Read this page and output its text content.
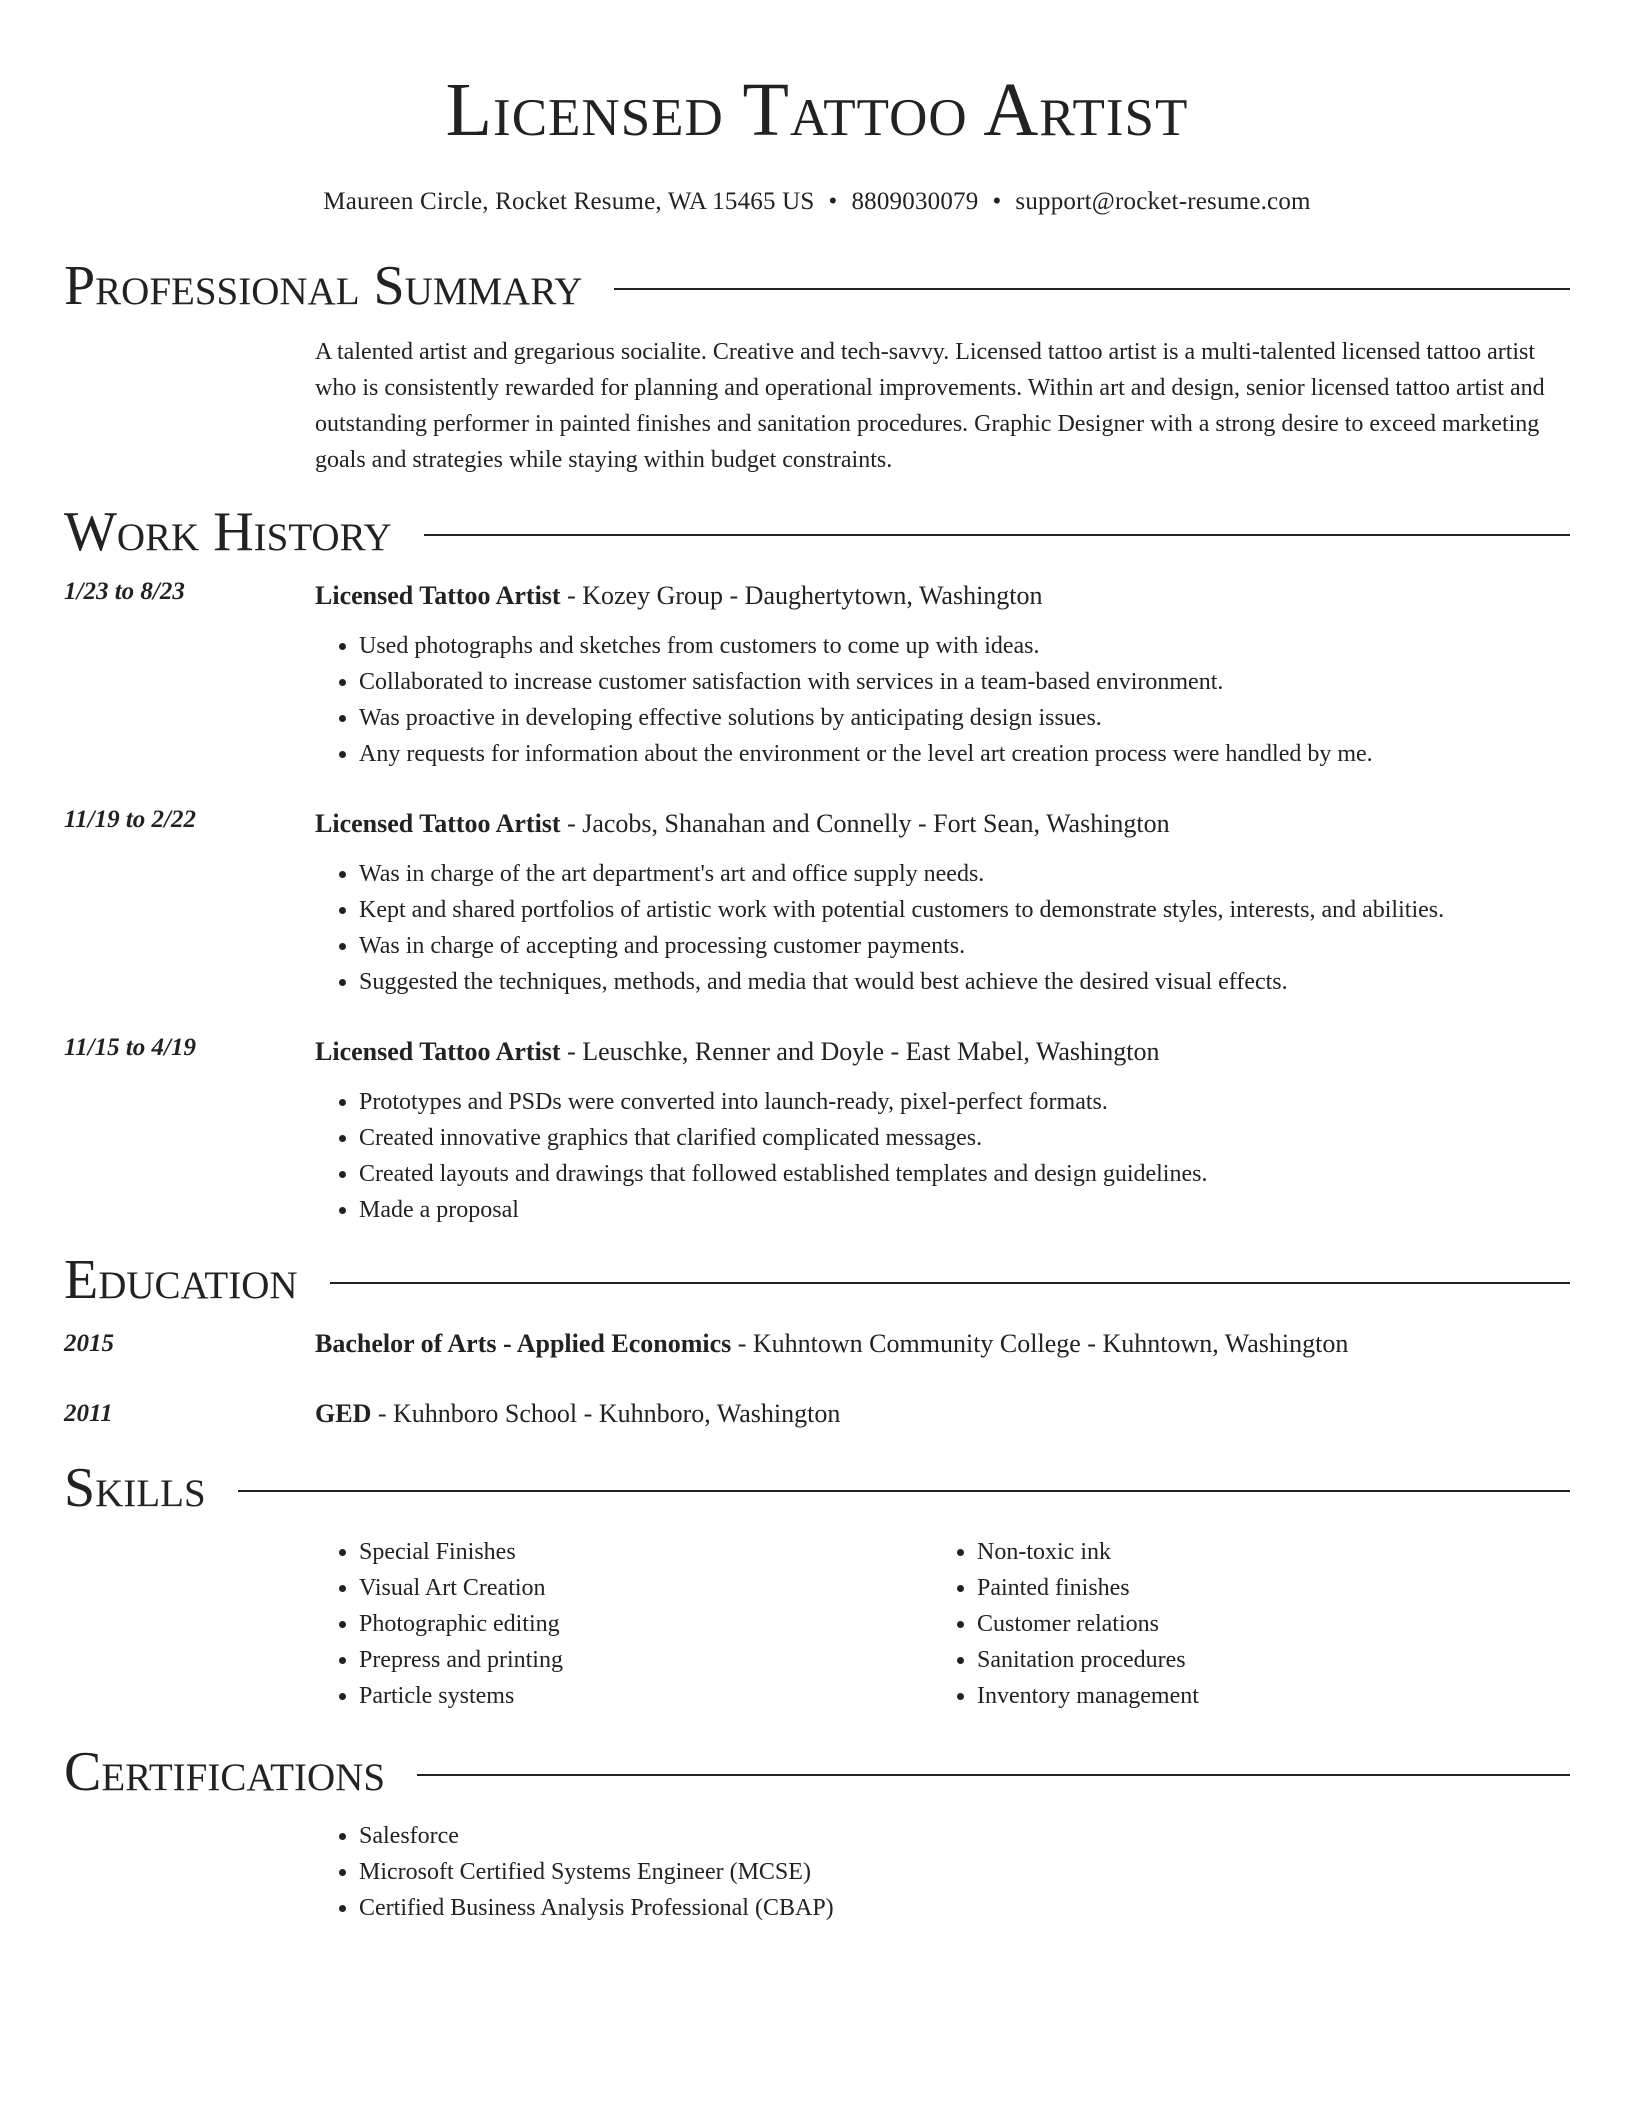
Licensed Tattoo Artist
Maureen Circle, Rocket Resume, WA 15465 US • 8809030079 • support@rocket-resume.com
Professional Summary
A talented artist and gregarious socialite. Creative and tech-savvy. Licensed tattoo artist is a multi-talented licensed tattoo artist who is consistently rewarded for planning and operational improvements. Within art and design, senior licensed tattoo artist and outstanding performer in painted finishes and sanitation procedures. Graphic Designer with a strong desire to exceed marketing goals and strategies while staying within budget constraints.
Work History
1/23 to 8/23	Licensed Tattoo Artist - Kozey Group - Daughertytown, Washington
• Used photographs and sketches from customers to come up with ideas.
• Collaborated to increase customer satisfaction with services in a team-based environment.
• Was proactive in developing effective solutions by anticipating design issues.
• Any requests for information about the environment or the level art creation process were handled by me.
11/19 to 2/22	Licensed Tattoo Artist - Jacobs, Shanahan and Connelly - Fort Sean, Washington
• Was in charge of the art department's art and office supply needs.
• Kept and shared portfolios of artistic work with potential customers to demonstrate styles, interests, and abilities.
• Was in charge of accepting and processing customer payments.
• Suggested the techniques, methods, and media that would best achieve the desired visual effects.
11/15 to 4/19	Licensed Tattoo Artist - Leuschke, Renner and Doyle - East Mabel, Washington
• Prototypes and PSDs were converted into launch-ready, pixel-perfect formats.
• Created innovative graphics that clarified complicated messages.
• Created layouts and drawings that followed established templates and design guidelines.
• Made a proposal
Education
2015	Bachelor of Arts - Applied Economics - Kuhntown Community College - Kuhntown, Washington
2011	GED - Kuhnboro School - Kuhnboro, Washington
Skills
• Special Finishes
• Visual Art Creation
• Photographic editing
• Prepress and printing
• Particle systems
• Non-toxic ink
• Painted finishes
• Customer relations
• Sanitation procedures
• Inventory management
Certifications
• Salesforce
• Microsoft Certified Systems Engineer (MCSE)
• Certified Business Analysis Professional (CBAP)
